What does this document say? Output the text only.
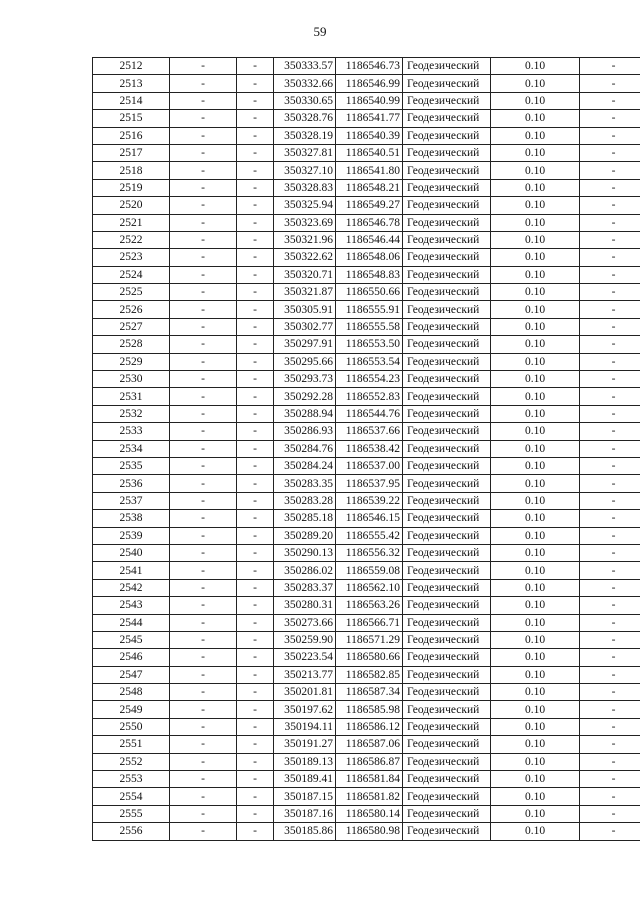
59
2512	-	-	350333.57	1186546.73	Геодезический	0.10	-
2513	-	-	350332.66	1186546.99	Геодезический	0.10	-
2514	-	-	350330.65	1186540.99	Геодезический	0.10	-
2515	-	-	350328.76	1186541.77	Геодезический	0.10	-
2516	-	-	350328.19	1186540.39	Геодезический	0.10	-
2517	-	-	350327.81	1186540.51	Геодезический	0.10	-
2518	-	-	350327.10	1186541.80	Геодезический	0.10	-
2519	-	-	350328.83	1186548.21	Геодезический	0.10	-
2520	-	-	350325.94	1186549.27	Геодезический	0.10	-
2521	-	-	350323.69	1186546.78	Геодезический	0.10	-
2522	-	-	350321.96	1186546.44	Геодезический	0.10	-
2523	-	-	350322.62	1186548.06	Геодезический	0.10	-
2524	-	-	350320.71	1186548.83	Геодезический	0.10	-
2525	-	-	350321.87	1186550.66	Геодезический	0.10	-
2526	-	-	350305.91	1186555.91	Геодезический	0.10	-
2527	-	-	350302.77	1186555.58	Геодезический	0.10	-
2528	-	-	350297.91	1186553.50	Геодезический	0.10	-
2529	-	-	350295.66	1186553.54	Геодезический	0.10	-
2530	-	-	350293.73	1186554.23	Геодезический	0.10	-
2531	-	-	350292.28	1186552.83	Геодезический	0.10	-
2532	-	-	350288.94	1186544.76	Геодезический	0.10	-
2533	-	-	350286.93	1186537.66	Геодезический	0.10	-
2534	-	-	350284.76	1186538.42	Геодезический	0.10	-
2535	-	-	350284.24	1186537.00	Геодезический	0.10	-
2536	-	-	350283.35	1186537.95	Геодезический	0.10	-
2537	-	-	350283.28	1186539.22	Геодезический	0.10	-
2538	-	-	350285.18	1186546.15	Геодезический	0.10	-
2539	-	-	350289.20	1186555.42	Геодезический	0.10	-
2540	-	-	350290.13	1186556.32	Геодезический	0.10	-
2541	-	-	350286.02	1186559.08	Геодезический	0.10	-
2542	-	-	350283.37	1186562.10	Геодезический	0.10	-
2543	-	-	350280.31	1186563.26	Геодезический	0.10	-
2544	-	-	350273.66	1186566.71	Геодезический	0.10	-
2545	-	-	350259.90	1186571.29	Геодезический	0.10	-
2546	-	-	350223.54	1186580.66	Геодезический	0.10	-
2547	-	-	350213.77	1186582.85	Геодезический	0.10	-
2548	-	-	350201.81	1186587.34	Геодезический	0.10	-
2549	-	-	350197.62	1186585.98	Геодезический	0.10	-
2550	-	-	350194.11	1186586.12	Геодезический	0.10	-
2551	-	-	350191.27	1186587.06	Геодезический	0.10	-
2552	-	-	350189.13	1186586.87	Геодезический	0.10	-
2553	-	-	350189.41	1186581.84	Геодезический	0.10	-
2554	-	-	350187.15	1186581.82	Геодезический	0.10	-
2555	-	-	350187.16	1186580.14	Геодезический	0.10	-
2556	-	-	350185.86	1186580.98	Геодезический	0.10	-
